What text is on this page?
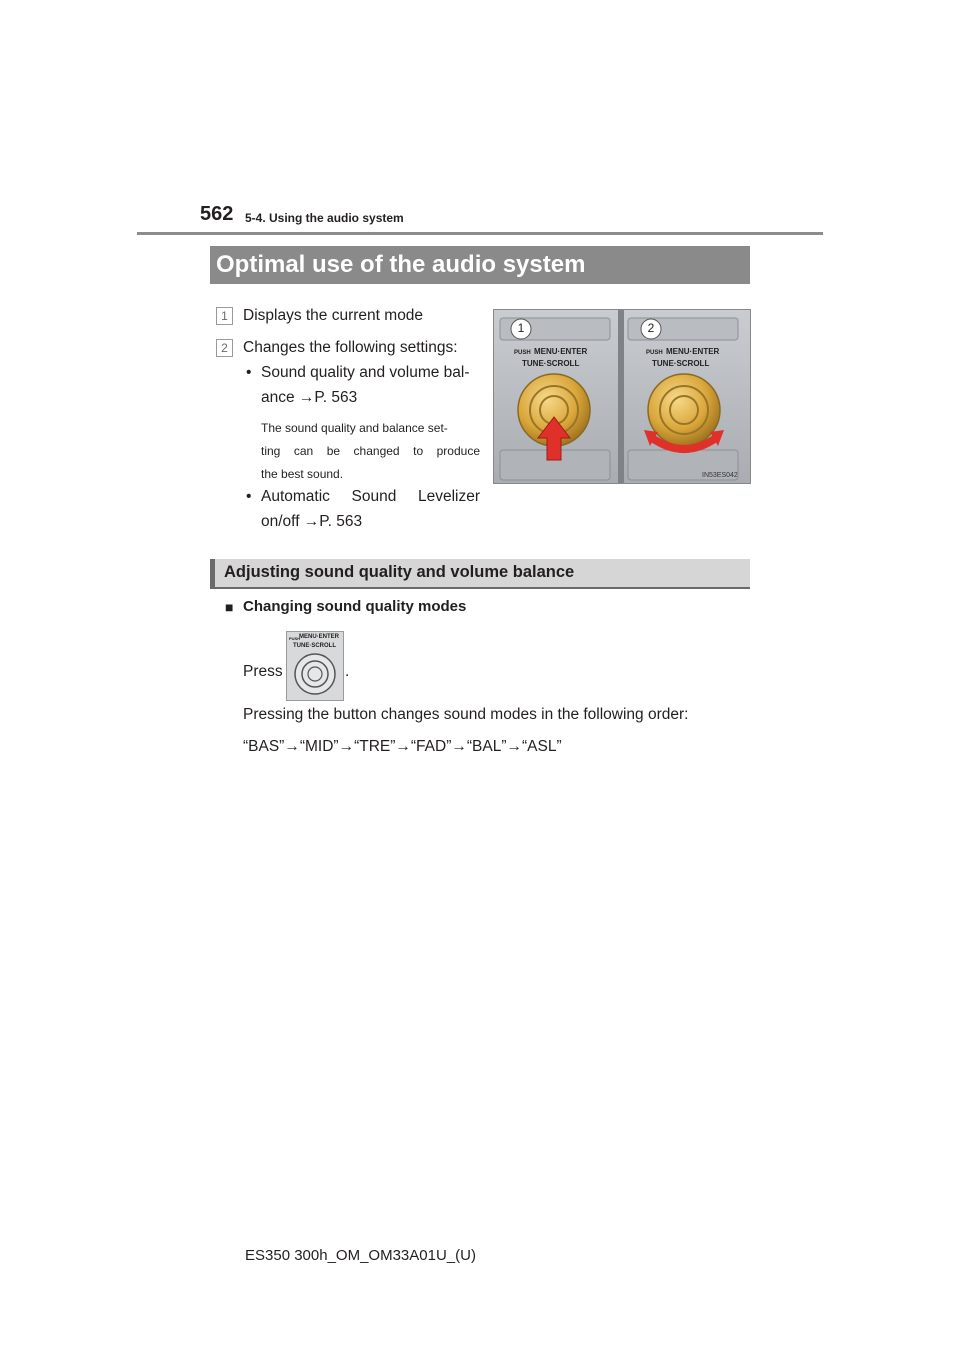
562 5-4. Using the audio system
Optimal use of the audio system
1 Displays the current mode
2 Changes the following settings:
• Sound quality and volume bal-
ance →P. 563
The sound quality and balance set-
ting can be changed to produce
the best sound.
• Automatic Sound Levelizer
on/off →P. 563
1	2
PUSH MENU·ENTER
TUNE·SCROLL
PUSH MENU·ENTER
TUNE·SCROLL
IN53ES042
Adjusting sound quality and volume balance
■ Changing sound quality modes
Press
PUSH
MENU·ENTER
TUNE·SCROLL
.
Pressing the button changes sound modes in the following order:
“BAS”→“MID”→“TRE”→“FAD”→“BAL”→“ASL”
ES350 300h_OM_OM33A01U_(U)
